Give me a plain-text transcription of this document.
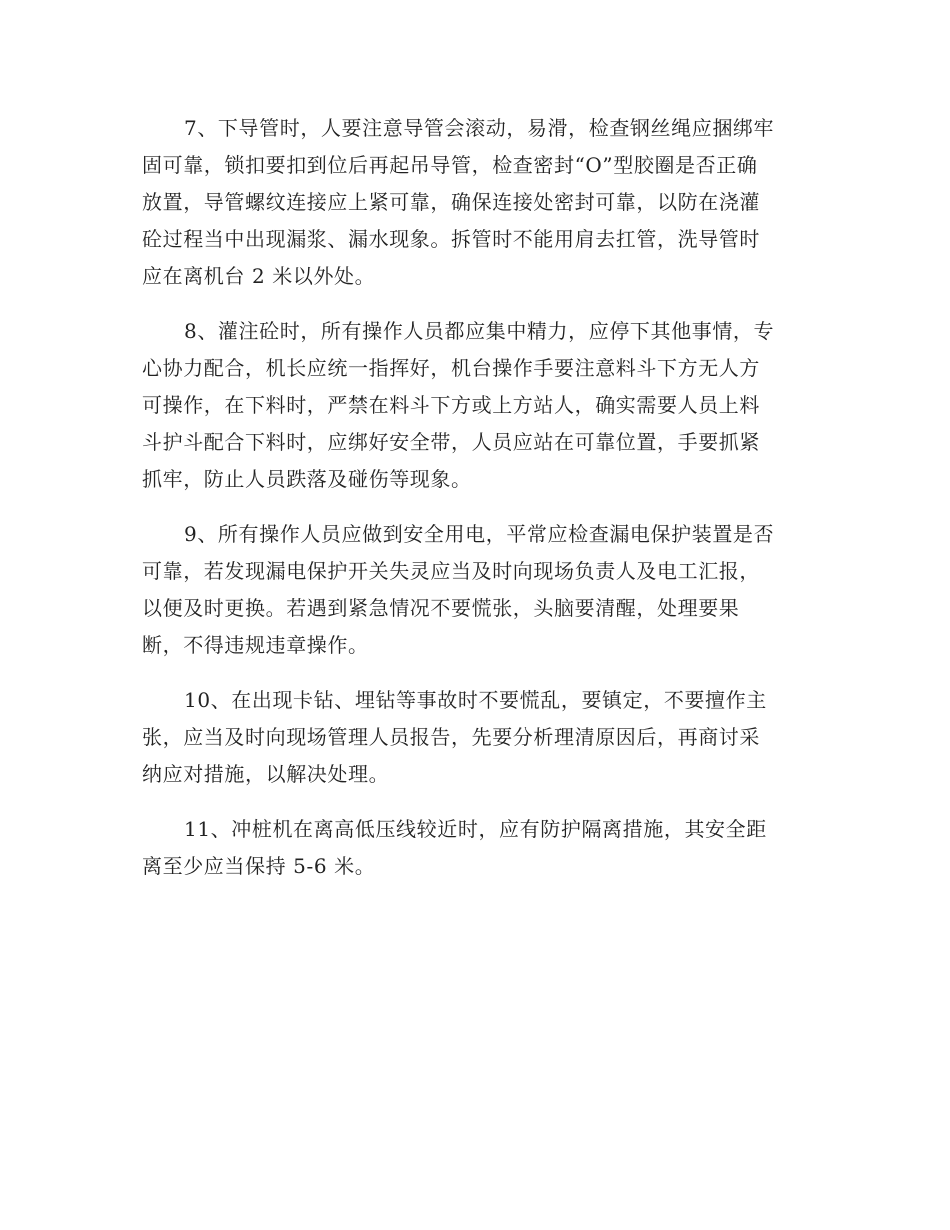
7、下导管时，人要注意导管会滚动，易滑，检查钢丝绳应捆绑牢
固可靠，锁扣要扣到位后再起吊导管，检查密封“O”型胶圈是否正确
放置，导管螺纹连接应上紧可靠，确保连接处密封可靠，以防在浇灌
砼过程当中出现漏浆、漏水现象。拆管时不能用肩去扛管，洗导管时
应在离机台 2 米以外处。

8、灌注砼时，所有操作人员都应集中精力，应停下其他事情，专
心协力配合，机长应统一指挥好，机台操作手要注意料斗下方无人方
可操作，在下料时，严禁在料斗下方或上方站人，确实需要人员上料
斗护斗配合下料时，应绑好安全带，人员应站在可靠位置，手要抓紧
抓牢，防止人员跌落及碰伤等现象。

9、所有操作人员应做到安全用电，平常应检查漏电保护装置是否
可靠，若发现漏电保护开关失灵应当及时向现场负责人及电工汇报，
以便及时更换。若遇到紧急情况不要慌张，头脑要清醒，处理要果
断，不得违规违章操作。

10、在出现卡钻、埋钻等事故时不要慌乱，要镇定，不要擅作主
张，应当及时向现场管理人员报告，先要分析理清原因后，再商讨采
纳应对措施，以解决处理。

11、冲桩机在离高低压线较近时，应有防护隔离措施，其安全距
离至少应当保持 5-6 米。
